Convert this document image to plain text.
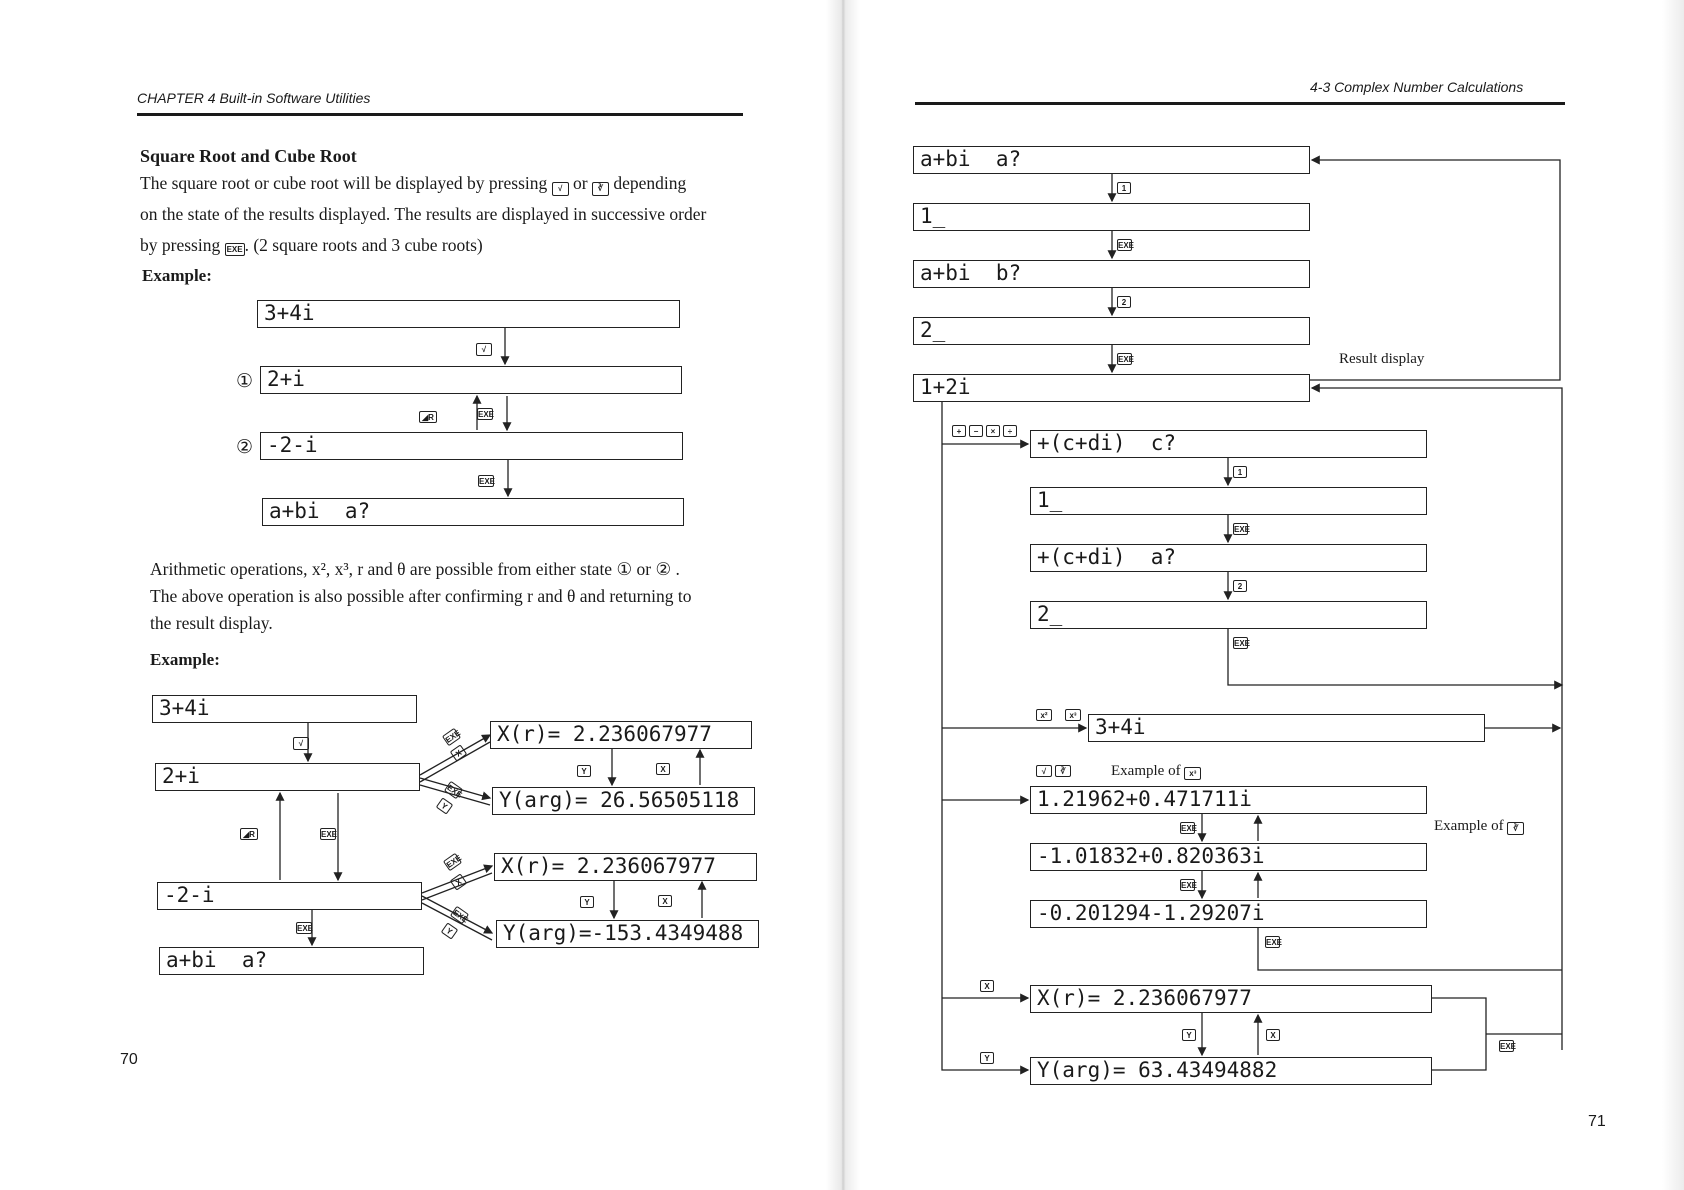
CHAPTER 4 Built-in Software Utilities
Square Root and Cube Root
The square root or cube root will be displayed by pressing √ or ∛ depending
on the state of the results displayed. The results are displayed in successive order
by pressing EXE . (2 square roots and 3 cube roots)
Example:
3+4i
2+i
-2-i
a+bi  a?
①
②
√
◢R	EXE
EXE
Arithmetic operations, x², x³, r and θ are possible from either state ① or ② .
The above operation is also possible after confirming r and θ and returning to
the result display.
Example:
3+4i
2+i
-2-i
a+bi  a?
X(r)= 2.236067977
Y(arg)= 26.56505118
X(r)= 2.236067977
Y(arg)=-153.4349488
√
◢R	EXE
EXE
EXE
X
EXE
Y
Y	X
EXE
X
EXE
Y
Y	X
70
4-3 Complex Number Calculations
a+bi  a?
1_
a+bi  b?
2_
1+2i
+(c+di)  c?
1_
+(c+di)  a?
2_
3+4i
1.21962+0.471711i
-1.01832+0.820363i
-0.201294-1.29207i
X(r)= 2.236067977
Y(arg)= 63.43494882
Result display
Example of x³
Example of ∛
1
EXE
2
EXE
+	−	×	÷
1
EXE
2
EXE
x²	x³
√	∛
EXE
EXE
EXE
X
Y
Y	X
EXE
71
